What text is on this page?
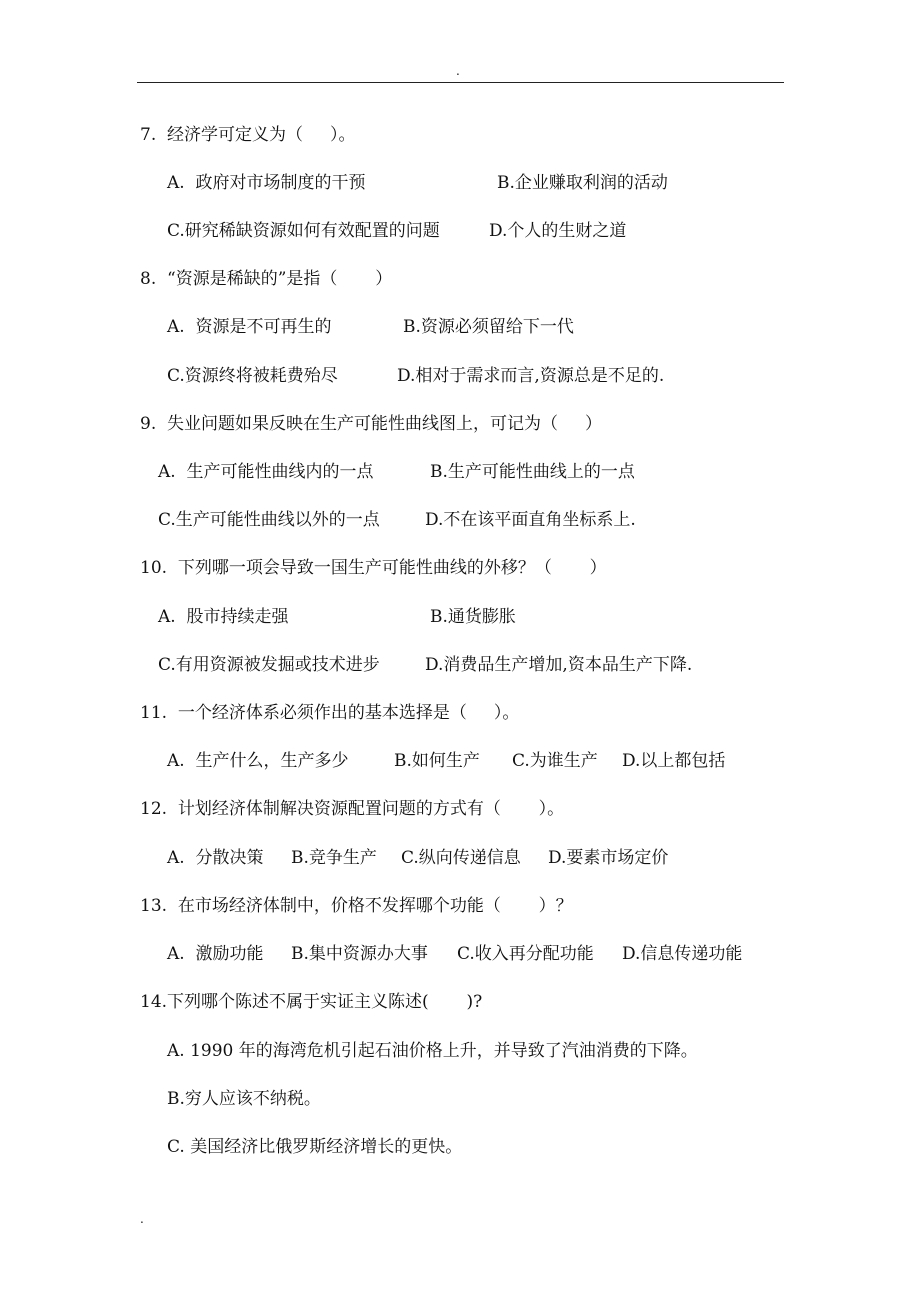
.
7.  经济学可定义为（     ）。
A.  政府对市场制度的干预	B.企业赚取利润的活动
C.研究稀缺资源如何有效配置的问题	D.个人的生财之道
8.  “资源是稀缺的”是指（       ）
A.  资源是不可再生的	B.资源必须留给下一代
C.资源终将被耗费殆尽	D.相对于需求而言,资源总是不足的.
9.  失业问题如果反映在生产可能性曲线图上，可记为（     ）
A.  生产可能性曲线内的一点	B.生产可能性曲线上的一点
C.生产可能性曲线以外的一点	D.不在该平面直角坐标系上.
10.  下列哪一项会导致一国生产可能性曲线的外移？（       ）
A.  股市持续走强	B.通货膨胀
C.有用资源被发掘或技术进步	D.消费品生产增加,资本品生产下降.
11.  一个经济体系必须作出的基本选择是（     ）。
A.  生产什么，生产多少	B.如何生产 C.为谁生产 D.以上都包括
12.  计划经济体制解决资源配置问题的方式有（       ）。
A.  分散决策 B.竞争生产 C.纵向传递信息 D.要素市场定价
13.  在市场经济体制中，价格不发挥哪个功能（       ）？
A.  激励功能 B.集中资源办大事 C.收入再分配功能 D.信息传递功能
14.下列哪个陈述不属于实证主义陈述(       )?
A. 1990 年的海湾危机引起石油价格上升，并导致了汽油消费的下降。
B.穷人应该不纳税。
C. 美国经济比俄罗斯经济增长的更快。
.
